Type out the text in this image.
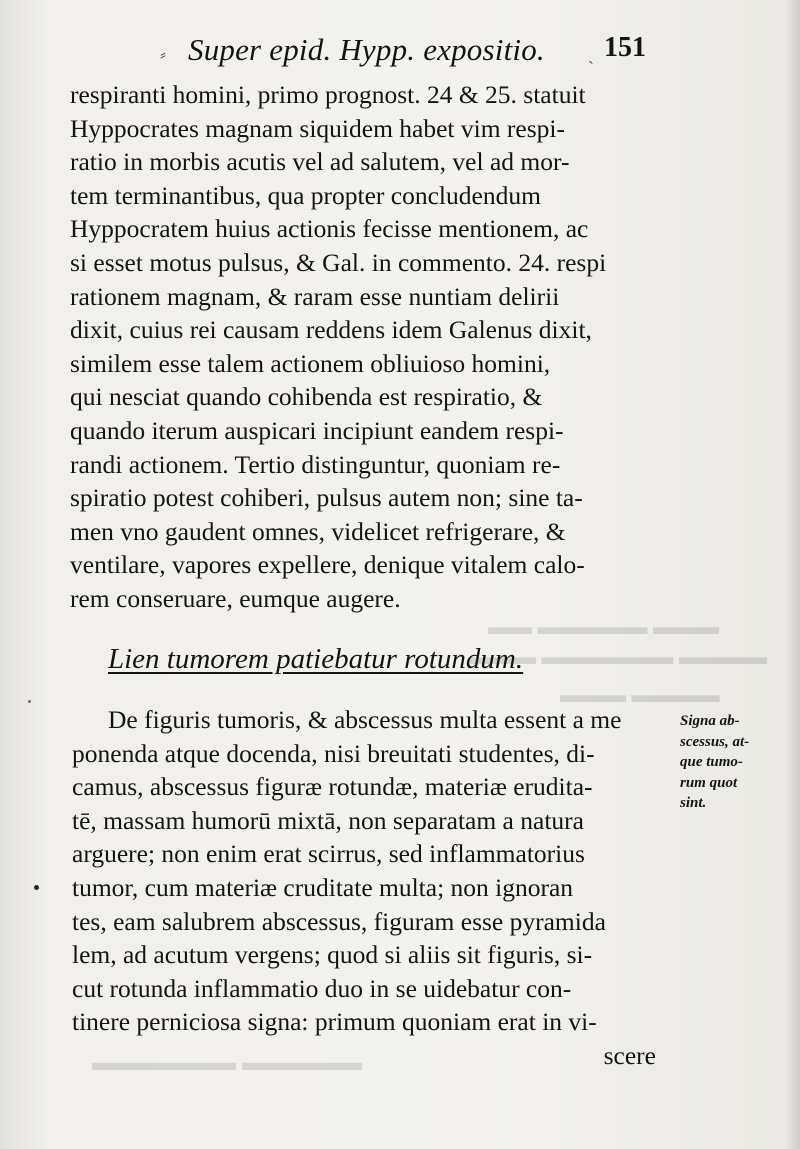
▬▬▬ ▬▬▬▬▬ ▬▬
▬▬▬▬ ▬▬▬▬▬▬ ▬▬▬
▬▬▬▬ ▬▬▬
▬▬▬▬▬ ▬▬▬▬▬▬
⸗ Super epid. Hypp. expositio. ˎ 151
respiranti homini, primo prognost. 24 & 25. statuit
Hyppocrates magnam siquidem habet vim respi-
ratio in morbis acutis vel ad salutem, vel ad mor-
tem terminantibus, qua propter concludendum
Hyppocratem huius actionis fecisse mentionem, ac
si esset motus pulsus, & Gal. in commento. 24. respi
rationem magnam, & raram esse nuntiam delirii
dixit, cuius rei causam reddens idem Galenus dixit,
similem esse talem actionem obliuioso homini,
qui nesciat quando cohibenda est respiratio, &
quando iterum auspicari incipiunt eandem respi-
randi actionem. Tertio distinguntur, quoniam re-
spiratio potest cohiberi, pulsus autem non; sine ta-
men vno gaudent omnes, videlicet refrigerare, &
ventilare, vapores expellere, denique vitalem calo-
rem conseruare, eumque augere.
Lien tumorem patiebatur rotundum.
De figuris tumoris, & abscessus multa essent a me
ponenda atque docenda, nisi breuitati studentes, di-
camus, abscessus figuræ rotundæ, materiæ erudita-
tē, massam humorū mixtā, non separatam a natura
arguere; non enim erat scirrus, sed inflammatorius
tumor, cum materiæ cruditate multa; non ignoran
tes, eam salubrem abscessus, figuram esse pyramida
lem, ad acutum vergens; quod si aliis sit figuris, si-
cut rotunda inflammatio duo in se uidebatur con-
tinere perniciosa signa: primum quoniam erat in vi-
scere
Signa ab-
scessus, at-
que tumo-
rum quot
sint.
